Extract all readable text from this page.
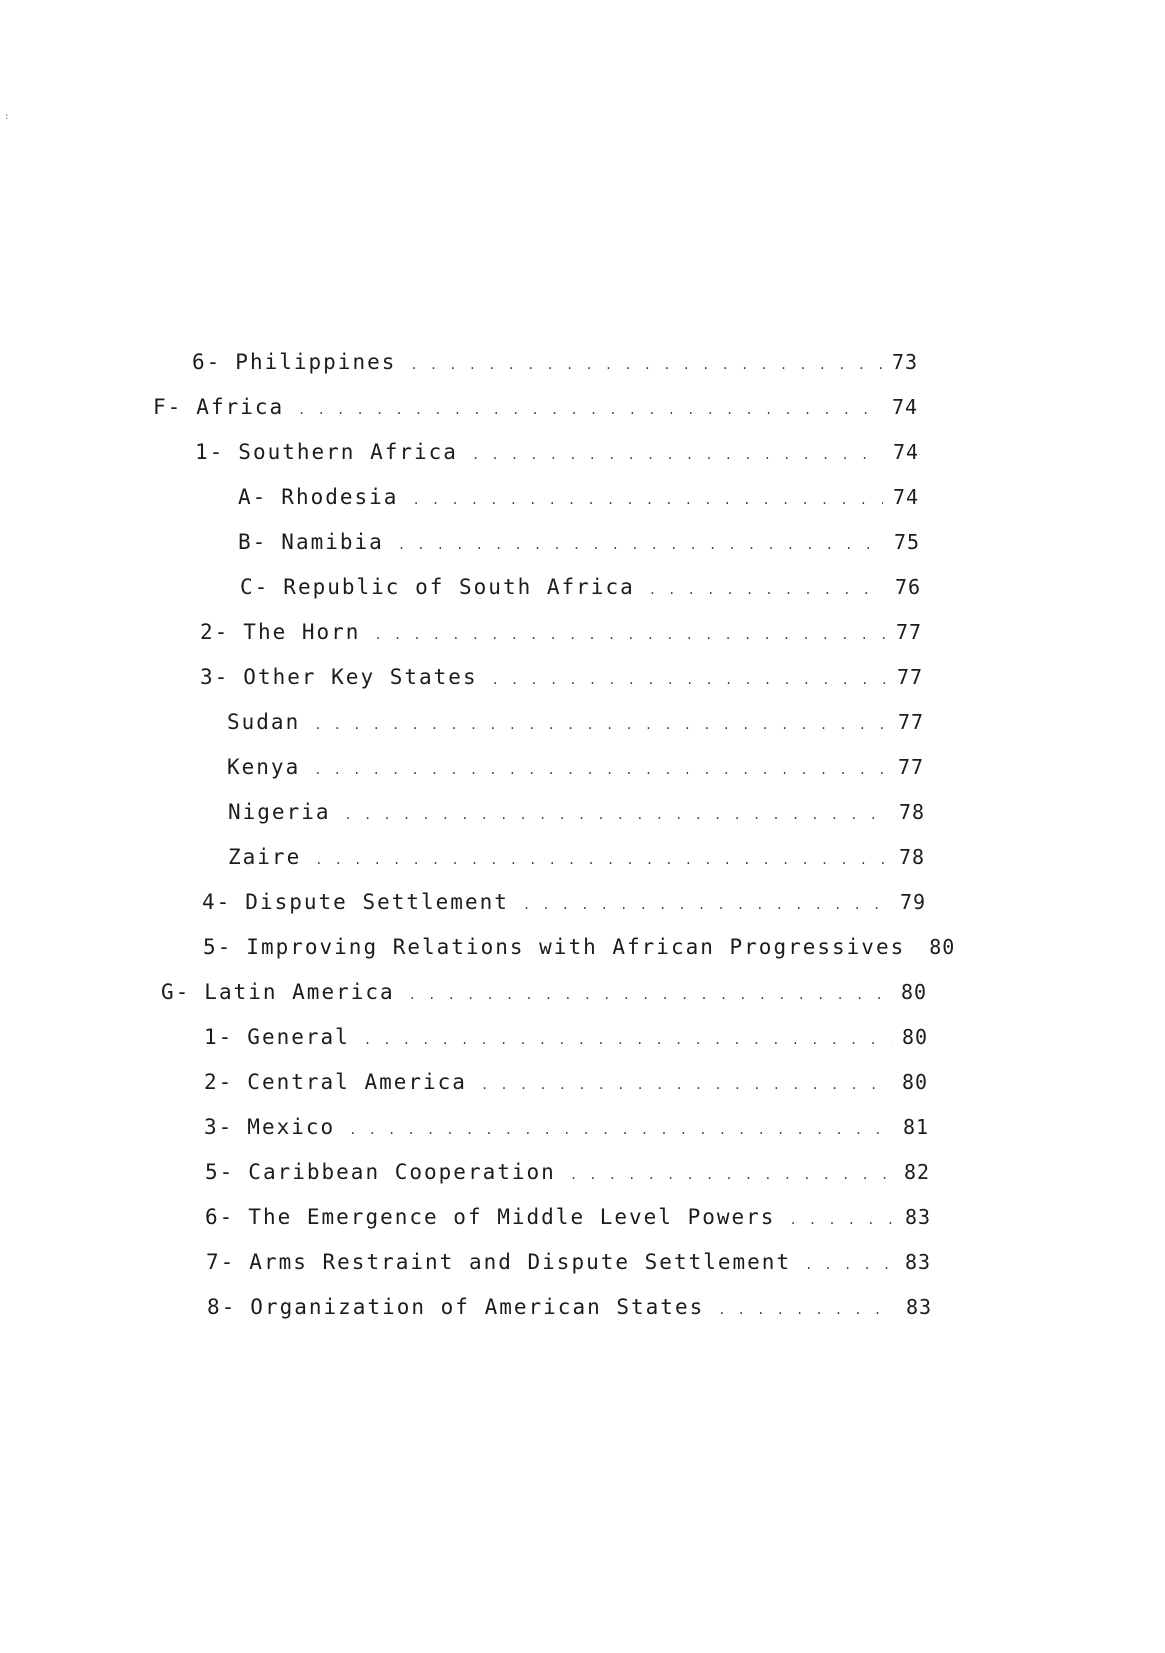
:
6- Philippines . . .	73
F- Africa . . .	74
1- Southern Africa . . .	74
A- Rhodesia . . .	74
B- Namibia . . .	75
C- Republic of South Africa . . .	76
2- The Horn . . .	77
3- Other Key States . . .	77
Sudan . . .	77
Kenya . . .	77
Nigeria . . .	78
Zaire . . .	78
4- Dispute Settlement . . .	79
5- Improving Relations with African Progressives 80
G- Latin America . . .	80
1- General . . .	80
2- Central America . . .	80
3- Mexico . . .	81
5- Caribbean Cooperation . . .	82
6- The Emergence of Middle Level Powers . . .	83
7- Arms Restraint and Dispute Settlement . . .	83
8- Organization of American States . . .	83
